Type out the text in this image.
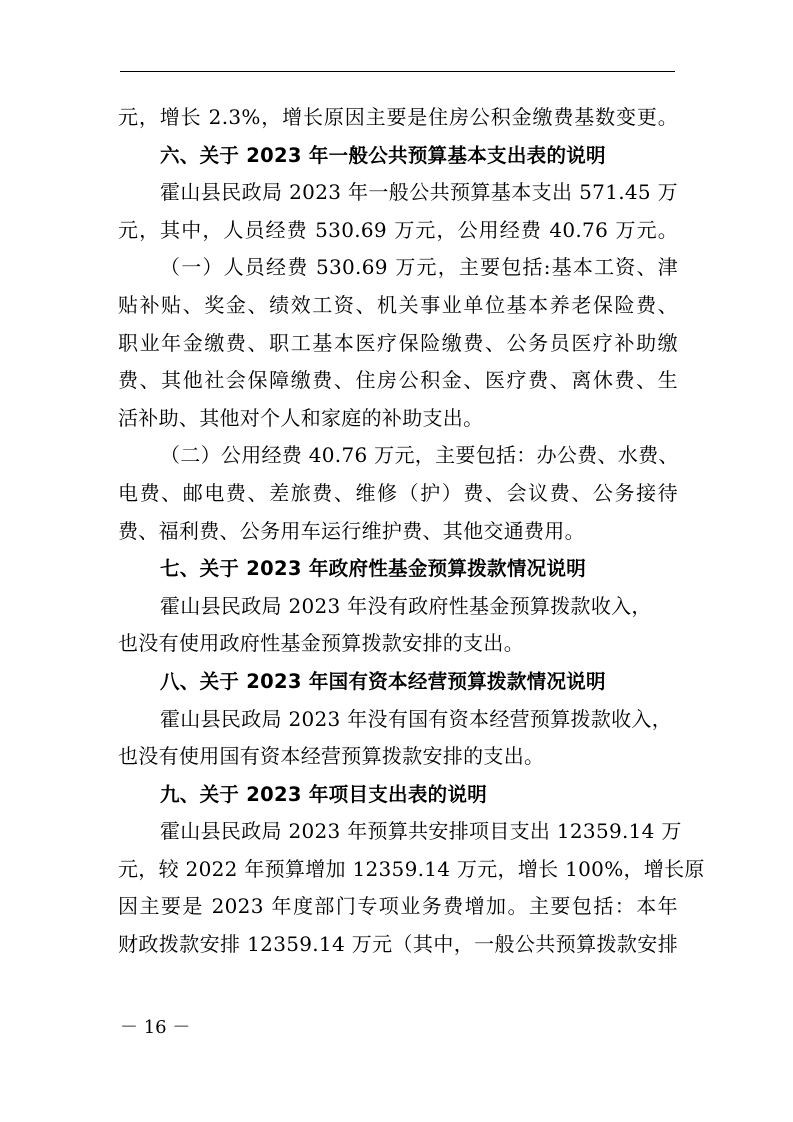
元，增长 2.3%，增长原因主要是住房公积金缴费基数变更。
六、关于 2023 年一般公共预算基本支出表的说明
霍山县民政局 2023 年一般公共预算基本支出 571.45 万
元，其中，人员经费 530.69 万元，公用经费 40.76 万元。
（一）人员经费 530.69 万元，主要包括:基本工资、津
贴补贴、奖金、绩效工资、机关事业单位基本养老保险费、
职业年金缴费、职工基本医疗保险缴费、公务员医疗补助缴
费、其他社会保障缴费、住房公积金、医疗费、离休费、生
活补助、其他对个人和家庭的补助支出。
（二）公用经费 40.76 万元，主要包括：办公费、水费、
电费、邮电费、差旅费、维修（护）费、会议费、公务接待
费、福利费、公务用车运行维护费、其他交通费用。
七、关于 2023 年政府性基金预算拨款情况说明
霍山县民政局 2023 年没有政府性基金预算拨款收入，
也没有使用政府性基金预算拨款安排的支出。
八、关于 2023 年国有资本经营预算拨款情况说明
霍山县民政局 2023 年没有国有资本经营预算拨款收入，
也没有使用国有资本经营预算拨款安排的支出。
九、关于 2023 年项目支出表的说明
霍山县民政局 2023 年预算共安排项目支出 12359.14 万
元，较 2022 年预算增加 12359.14 万元，增长 100%，增长原
因主要是 2023 年度部门专项业务费增加。主要包括：本年
财政拨款安排 12359.14 万元（其中，一般公共预算拨款安排
－ 16 －
